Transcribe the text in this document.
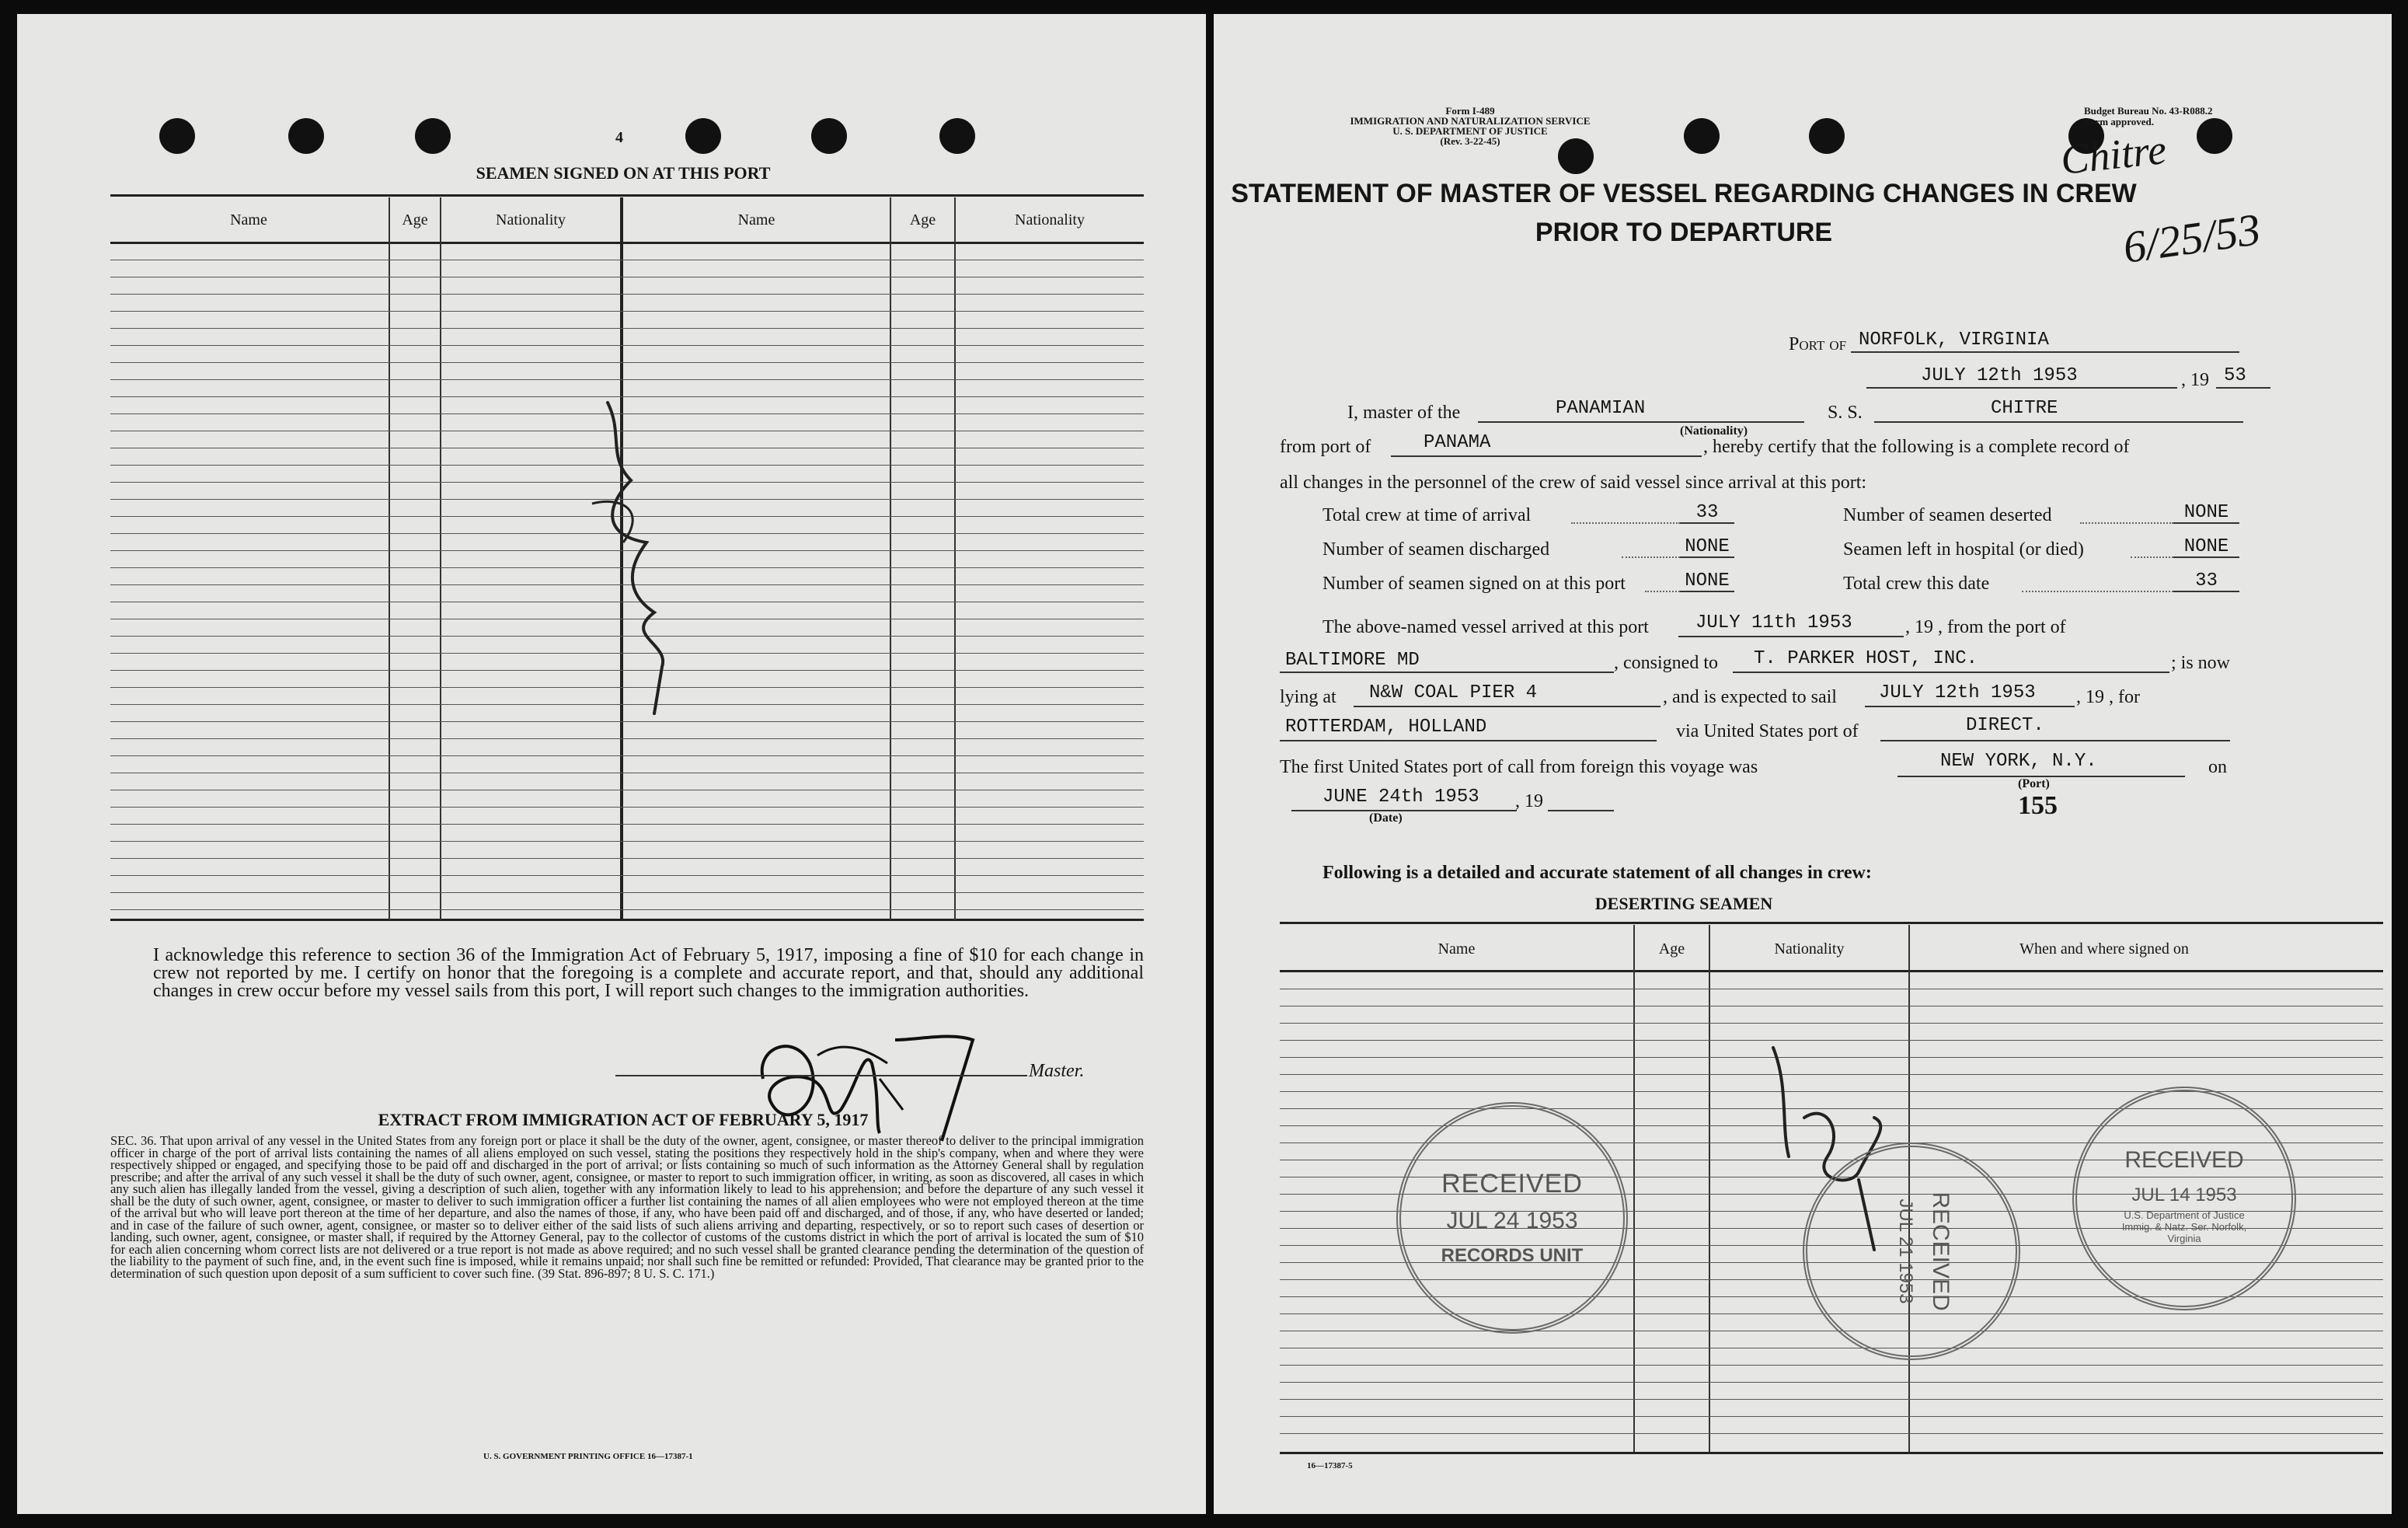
4
SEAMEN SIGNED ON AT THIS PORT
Name	Age	Nationality	Name	Age	Nationality
I acknowledge this reference to section 36 of the Immigration Act of February 5, 1917, imposing a fine of $10 for each change in crew not reported by me. I certify on honor that the foregoing is a complete and accurate report, and that, should any additional changes in crew occur before my vessel sails from this port, I will report such changes to the immigration authorities.
Master.
EXTRACT FROM IMMIGRATION ACT OF FEBRUARY 5, 1917
SEC. 36. That upon arrival of any vessel in the United States from any foreign port or place it shall be the duty of the owner, agent, consignee, or master thereof to deliver to the principal immigration officer in charge of the port of arrival lists containing the names of all aliens employed on such vessel, stating the positions they respectively hold in the ship's company, when and where they were respectively shipped or engaged, and specifying those to be paid off and discharged in the port of arrival; or lists containing so much of such information as the Attorney General shall by regulation prescribe; and after the arrival of any such vessel it shall be the duty of such owner, agent, consignee, or master to report to such immigration officer, in writing, as soon as discovered, all cases in which any such alien has illegally landed from the vessel, giving a description of such alien, together with any information likely to lead to his apprehension; and before the departure of any such vessel it shall be the duty of such owner, agent, consignee, or master to deliver to such immigration officer a further list containing the names of all alien employees who were not employed thereon at the time of the arrival but who will leave port thereon at the time of her departure, and also the names of those, if any, who have been paid off and discharged, and of those, if any, who have deserted or landed; and in case of the failure of such owner, agent, consignee, or master so to deliver either of the said lists of such aliens arriving and departing, respectively, or so to report such cases of desertion or landing, such owner, agent, consignee, or master shall, if required by the Attorney General, pay to the collector of customs of the customs district in which the port of arrival is located the sum of $10 for each alien concerning whom correct lists are not delivered or a true report is not made as above required; and no such vessel shall be granted clearance pending the determination of the question of the liability to the payment of such fine, and, in the event such fine is imposed, while it remains unpaid; nor shall such fine be remitted or refunded: Provided, That clearance may be granted prior to the determination of such question upon deposit of a sum sufficient to cover such fine. (39 Stat. 896-897; 8 U. S. C. 171.)
U. S. GOVERNMENT PRINTING OFFICE 16—17387-1
Form I-489
IMMIGRATION AND NATURALIZATION SERVICE
U. S. DEPARTMENT OF JUSTICE
(Rev. 3-22-45)
Budget Bureau No. 43-R088.2
Form approved.
Chitre
6/25/53
STATEMENT OF MASTER OF VESSEL REGARDING CHANGES IN CREW
PRIOR TO DEPARTURE
Port of NORFOLK, VIRGINIA
JULY 12th 1953	, 19 53
I, master of the	PANAMIAN
(Nationality)
S. S.	CHITRE
from port of	PANAMA	, hereby certify that the following is a complete record of
all changes in the personnel of the crew of said vessel since arrival at this port:
Total crew at time of arrival	33	Number of seamen deserted	NONE
Number of seamen discharged	NONE	Seamen left in hospital (or died)	NONE
Number of seamen signed on at this port	NONE	Total crew this date	33
The above-named vessel arrived at this port	JULY 11th 1953	, 19 , from the port of
BALTIMORE MD	, consigned to T. PARKER HOST, INC.	; is now
lying at N&W COAL PIER 4	, and is expected to sail JULY 12th 1953 , 19 , for
ROTTERDAM, HOLLAND	via United States port of	DIRECT.
The first United States port of call from foreign this voyage was	NEW YORK, N.Y.
(Port)
on
JUNE 24th 1953 , 19
(Date)	155
Following is a detailed and accurate statement of all changes in crew:
DESERTING SEAMEN
Name	Age	Nationality	When and where signed on
RECEIVED
JUL 24 1953
RECORDS UNIT	RECEIVED
JUL 21 1953
RECEIVED
JUL 14 1953
U.S. Department of Justice Immig. & Natz. Ser. Norfolk, Virginia
16—17387-5
